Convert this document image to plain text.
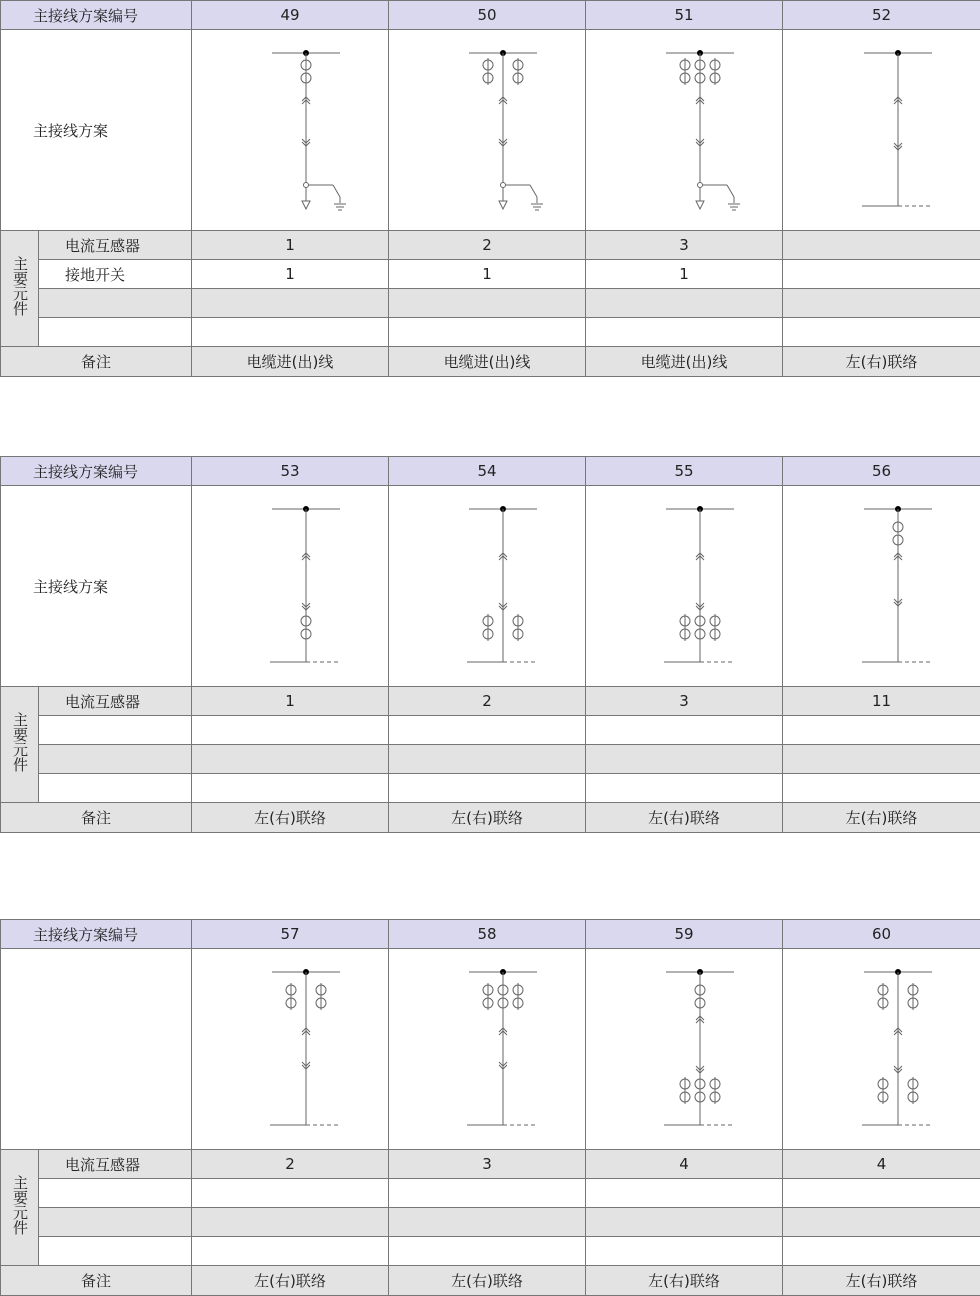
主接线方案编号		49	50	51	52
主接线方案	

主要元件	电流互感器	1	2	3	
	接地开关	1	1	1	

备注		电缆进(出)线	电缆进(出)线	电缆进(出)线	左(右)联络
主接线方案编号		53	54	55	56
主接线方案	

主要元件	电流互感器	1	2	3	11

备注		左(右)联络	左(右)联络	左(右)联络	左(右)联络
主接线方案编号		57	58	59	60

主要元件	电流互感器	2	3	4	4

备注		左(右)联络	左(右)联络	左(右)联络	左(右)联络
